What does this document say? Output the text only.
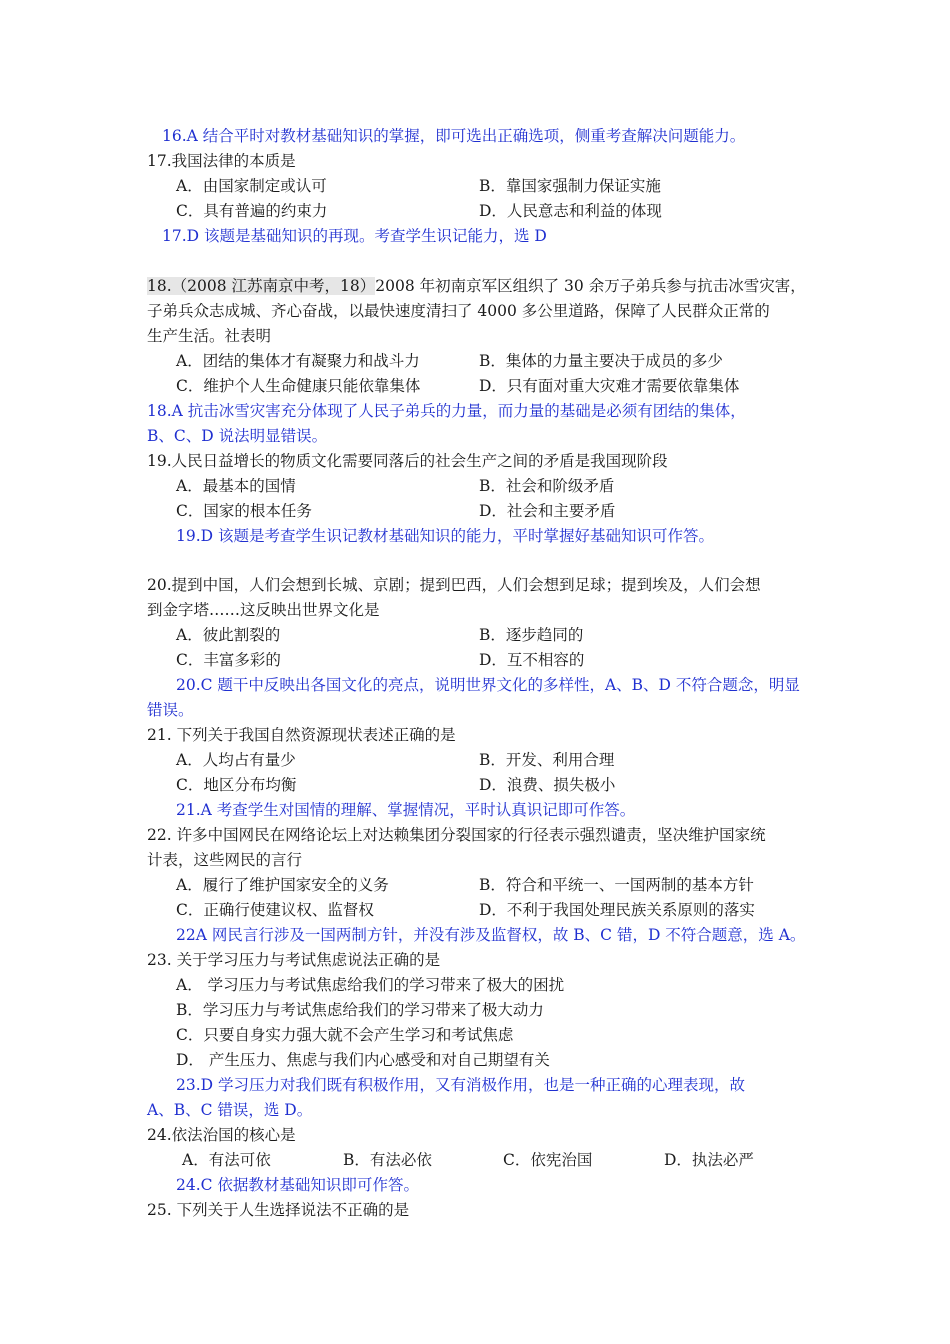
16.A 结合平时对教材基础知识的掌握，即可选出正确选项，侧重考查解决问题能力。
17.我国法律的本质是
A．由国家制定或认可	B．靠国家强制力保证实施
C．具有普遍的约束力	D．人民意志和利益的体现
17.D 该题是基础知识的再现。考查学生识记能力，选 D
18.（2008 江苏南京中考，18）2008 年初南京军区组织了 30 余万子弟兵参与抗击冰雪灾害，
子弟兵众志成城、齐心奋战，以最快速度清扫了 4000 多公里道路，保障了人民群众正常的
生产生活。社表明
A．团结的集体才有凝聚力和战斗力	B．集体的力量主要决于成员的多少
C．维护个人生命健康只能依靠集体	D．只有面对重大灾难才需要依靠集体
18.A 抗击冰雪灾害充分体现了人民子弟兵的力量，而力量的基础是必须有团结的集体，
B、C、D 说法明显错误。
19.人民日益增长的物质文化需要同落后的社会生产之间的矛盾是我国现阶段
A．最基本的国情	B．社会和阶级矛盾
C．国家的根本任务	D．社会和主要矛盾
19.D 该题是考查学生识记教材基础知识的能力，平时掌握好基础知识可作答。
20.提到中国，人们会想到长城、京剧；提到巴西，人们会想到足球；提到埃及，人们会想
到金字塔……这反映出世界文化是
A．彼此割裂的	B．逐步趋同的
C．丰富多彩的	D．互不相容的
20.C 题干中反映出各国文化的亮点，说明世界文化的多样性，A、B、D 不符合题念，明显
错误。
21. 下列关于我国自然资源现状表述正确的是
A．人均占有量少	B．开发、利用合理
C．地区分布均衡	D．浪费、损失极小
21.A 考查学生对国情的理解、掌握情况，平时认真识记即可作答。
22. 许多中国网民在网络论坛上对达赖集团分裂国家的行径表示强烈谴责，坚决维护国家统
计表，这些网民的言行
A．履行了维护国家安全的义务	B．符合和平统一、一国两制的基本方针
C．正确行使建议权、监督权	D．不利于我国处理民族关系原则的落实
22A 网民言行涉及一国两制方针，并没有涉及监督权，故 B、C 错，D 不符合题意，选 A。
23. 关于学习压力与考试焦虑说法正确的是
A． 学习压力与考试焦虑给我们的学习带来了极大的困扰
B．学习压力与考试焦虑给我们的学习带来了极大动力
C．只要自身实力强大就不会产生学习和考试焦虑
D． 产生压力、焦虑与我们内心感受和对自己期望有关
23.D 学习压力对我们既有积极作用，又有消极作用，也是一种正确的心理表现，故
A、B、C 错误，选 D。
24.依法治国的核心是
A．有法可依	B．有法必依	C．依宪治国	D．执法必严
24.C 依据教材基础知识即可作答。
25. 下列关于人生选择说法不正确的是
